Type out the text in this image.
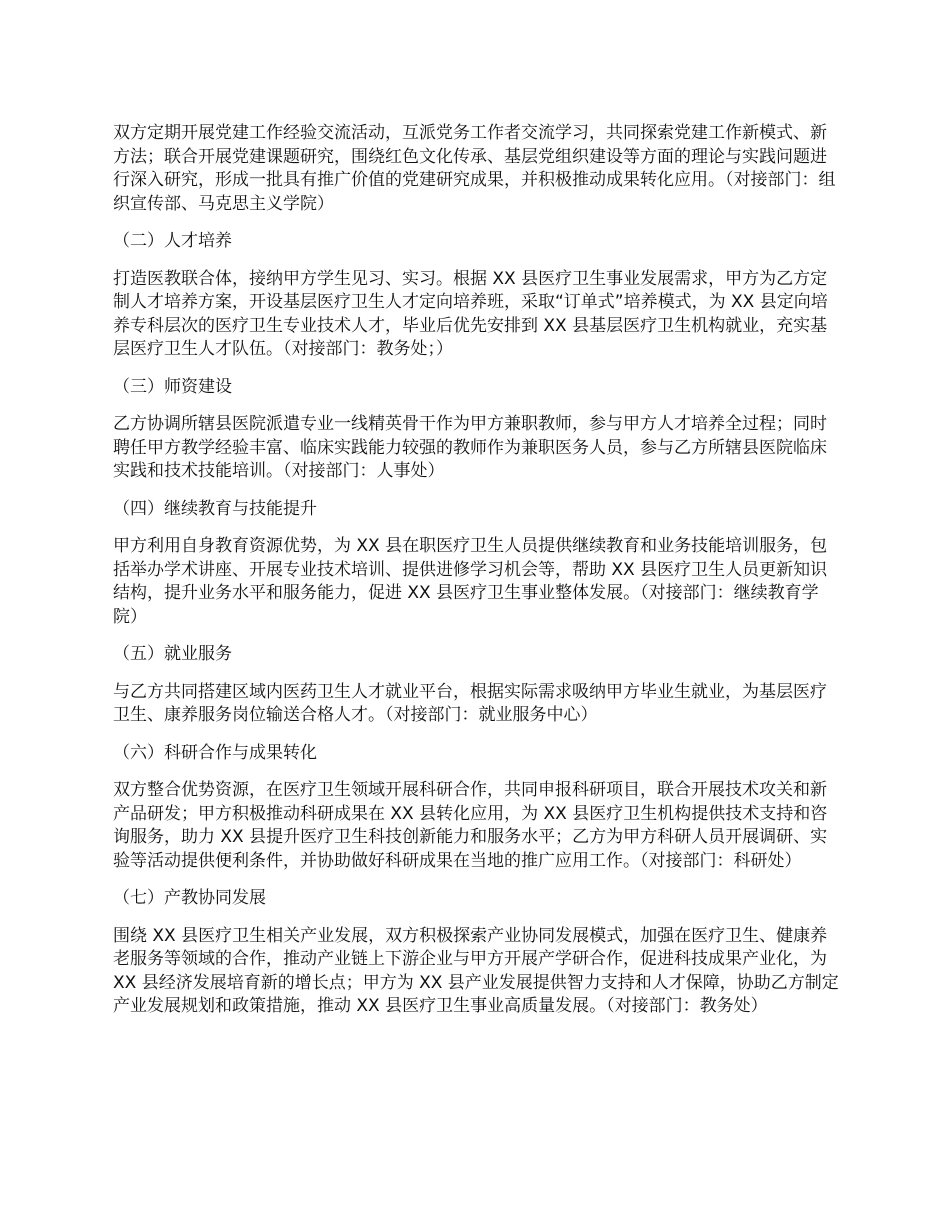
双方定期开展党建工作经验交流活动，互派党务工作者交流学习，共同探索党建工作新模式、新方法；联合开展党建课题研究，围绕红色文化传承、基层党组织建设等方面的理论与实践问题进行深入研究，形成一批具有推广价值的党建研究成果，并积极推动成果转化应用。（对接部门：组织宣传部、马克思主义学院）

（二）人才培养

打造医教联合体，接纳甲方学生见习、实习。根据 XX 县医疗卫生事业发展需求，甲方为乙方定制人才培养方案，开设基层医疗卫生人才定向培养班，采取“订单式”培养模式，为 XX 县定向培养专科层次的医疗卫生专业技术人才，毕业后优先安排到 XX 县基层医疗卫生机构就业，充实基层医疗卫生人才队伍。（对接部门：教务处；）

（三）师资建设

乙方协调所辖县医院派遣专业一线精英骨干作为甲方兼职教师，参与甲方人才培养全过程；同时聘任甲方教学经验丰富、临床实践能力较强的教师作为兼职医务人员，参与乙方所辖县医院临床实践和技术技能培训。（对接部门：人事处）

（四）继续教育与技能提升

甲方利用自身教育资源优势，为 XX 县在职医疗卫生人员提供继续教育和业务技能培训服务，包括举办学术讲座、开展专业技术培训、提供进修学习机会等，帮助 XX 县医疗卫生人员更新知识结构，提升业务水平和服务能力，促进 XX 县医疗卫生事业整体发展。（对接部门：继续教育学院）

（五）就业服务

与乙方共同搭建区域内医药卫生人才就业平台，根据实际需求吸纳甲方毕业生就业，为基层医疗卫生、康养服务岗位输送合格人才。（对接部门：就业服务中心）

（六）科研合作与成果转化

双方整合优势资源，在医疗卫生领域开展科研合作，共同申报科研项目，联合开展技术攻关和新产品研发；甲方积极推动科研成果在 XX 县转化应用，为 XX 县医疗卫生机构提供技术支持和咨询服务，助力 XX 县提升医疗卫生科技创新能力和服务水平；乙方为甲方科研人员开展调研、实验等活动提供便利条件，并协助做好科研成果在当地的推广应用工作。（对接部门：科研处）

（七）产教协同发展

围绕 XX 县医疗卫生相关产业发展，双方积极探索产业协同发展模式，加强在医疗卫生、健康养老服务等领域的合作，推动产业链上下游企业与甲方开展产学研合作，促进科技成果产业化，为 XX 县经济发展培育新的增长点；甲方为 XX 县产业发展提供智力支持和人才保障，协助乙方制定产业发展规划和政策措施，推动 XX 县医疗卫生事业高质量发展。（对接部门：教务处）
